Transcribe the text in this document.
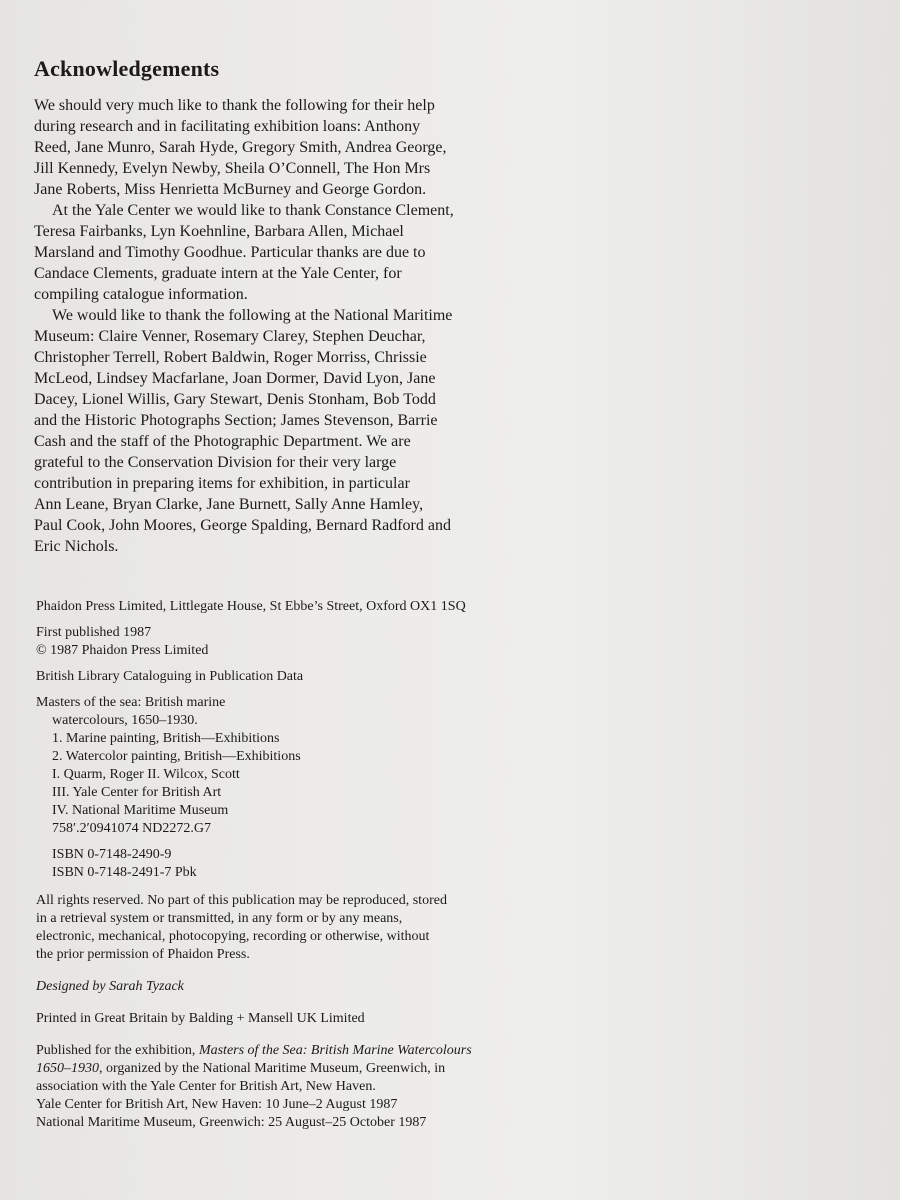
Acknowledgements

We should very much like to thank the following for their help
during research and in facilitating exhibition loans: Anthony
Reed, Jane Munro, Sarah Hyde, Gregory Smith, Andrea George,
Jill Kennedy, Evelyn Newby, Sheila O’Connell, The Hon Mrs
Jane Roberts, Miss Henrietta McBurney and George Gordon.
At the Yale Center we would like to thank Constance Clement,
Teresa Fairbanks, Lyn Koehnline, Barbara Allen, Michael
Marsland and Timothy Goodhue. Particular thanks are due to
Candace Clements, graduate intern at the Yale Center, for
compiling catalogue information.
We would like to thank the following at the National Maritime
Museum: Claire Venner, Rosemary Clarey, Stephen Deuchar,
Christopher Terrell, Robert Baldwin, Roger Morriss, Chrissie
McLeod, Lindsey Macfarlane, Joan Dormer, David Lyon, Jane
Dacey, Lionel Willis, Gary Stewart, Denis Stonham, Bob Todd
and the Historic Photographs Section; James Stevenson, Barrie
Cash and the staff of the Photographic Department. We are
grateful to the Conservation Division for their very large
contribution in preparing items for exhibition, in particular
Ann Leane, Bryan Clarke, Jane Burnett, Sally Anne Hamley,
Paul Cook, John Moores, George Spalding, Bernard Radford and
Eric Nichols.

Phaidon Press Limited, Littlegate House, St Ebbe’s Street, Oxford OX1 1SQ
First published 1987
© 1987 Phaidon Press Limited
British Library Cataloguing in Publication Data
Masters of the sea: British marine
watercolours, 1650–1930.
1. Marine painting, British—Exhibitions
2. Watercolor painting, British—Exhibitions
I. Quarm, Roger II. Wilcox, Scott
III. Yale Center for British Art
IV. National Maritime Museum
758′.2′0941074 ND2272.G7
ISBN 0-7148-2490-9
ISBN 0-7148-2491-7 Pbk
All rights reserved. No part of this publication may be reproduced, stored
in a retrieval system or transmitted, in any form or by any means,
electronic, mechanical, photocopying, recording or otherwise, without
the prior permission of Phaidon Press.
Designed by Sarah Tyzack
Printed in Great Britain by Balding + Mansell UK Limited
Published for the exhibition, Masters of the Sea: British Marine Watercolours
1650–1930, organized by the National Maritime Museum, Greenwich, in
association with the Yale Center for British Art, New Haven.
Yale Center for British Art, New Haven: 10 June–2 August 1987
National Maritime Museum, Greenwich: 25 August–25 October 1987
